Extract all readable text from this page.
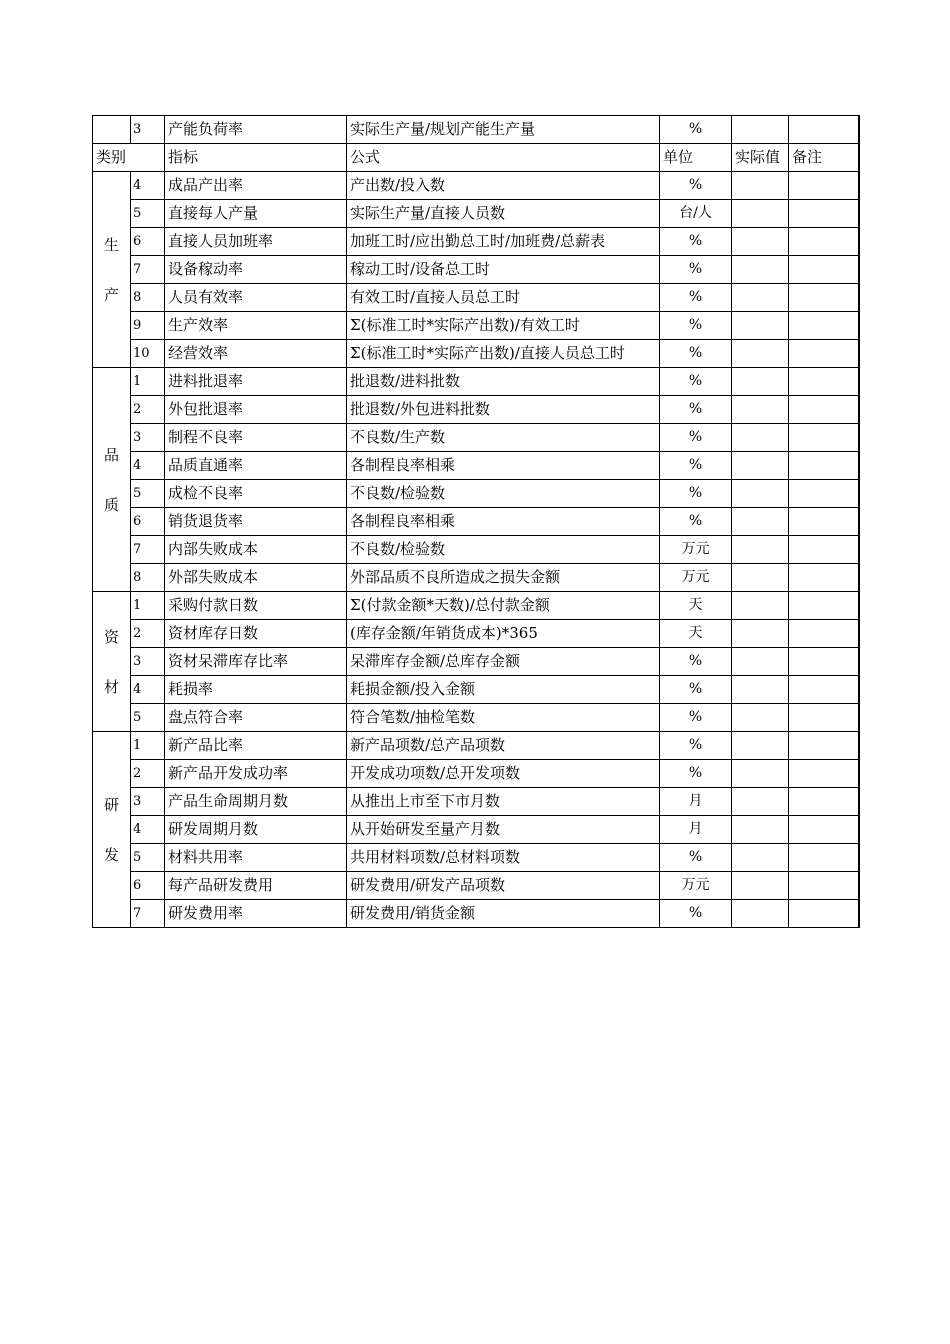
	3	产能负荷率	实际生产量/规划产能生产量	%		
类别		指标	公式	单位	实际值	备注
生产	4	成品产出率	产出数/投入数	%		
	5	直接每人产量	实际生产量/直接人员数	台/人		
	6	直接人员加班率	加班工时/应出勤总工时/加班费/总薪表	%		
	7	设备稼动率	稼动工时/设备总工时	%		
	8	人员有效率	有效工时/直接人员总工时	%		
	9	生产效率	Σ(标准工时*实际产出数)/有效工时	%		
	10	经营效率	Σ(标准工时*实际产出数)/直接人员总工时	%		
品质	1	进料批退率	批退数/进料批数	%		
	2	外包批退率	批退数/外包进料批数	%		
	3	制程不良率	不良数/生产数	%		
	4	品质直通率	各制程良率相乘	%		
	5	成检不良率	不良数/检验数	%		
	6	销货退货率	各制程良率相乘	%		
	7	内部失败成本	不良数/检验数	万元		
	8	外部失败成本	外部品质不良所造成之损失金额	万元		
资材	1	采购付款日数	Σ(付款金额*天数)/总付款金额	天		
	2	资材库存日数	(库存金额/年销货成本)*365	天		
	3	资材呆滞库存比率	呆滞库存金额/总库存金额	%		
	4	耗损率	耗损金额/投入金额	%		
	5	盘点符合率	符合笔数/抽检笔数	%		
研发	1	新产品比率	新产品项数/总产品项数	%		
	2	新产品开发成功率	开发成功项数/总开发项数	%		
	3	产品生命周期月数	从推出上市至下市月数	月		
	4	研发周期月数	从开始研发至量产月数	月		
	5	材料共用率	共用材料项数/总材料项数	%		
	6	每产品研发费用	研发费用/研发产品项数	万元		
	7	研发费用率	研发费用/销货金额	%		
